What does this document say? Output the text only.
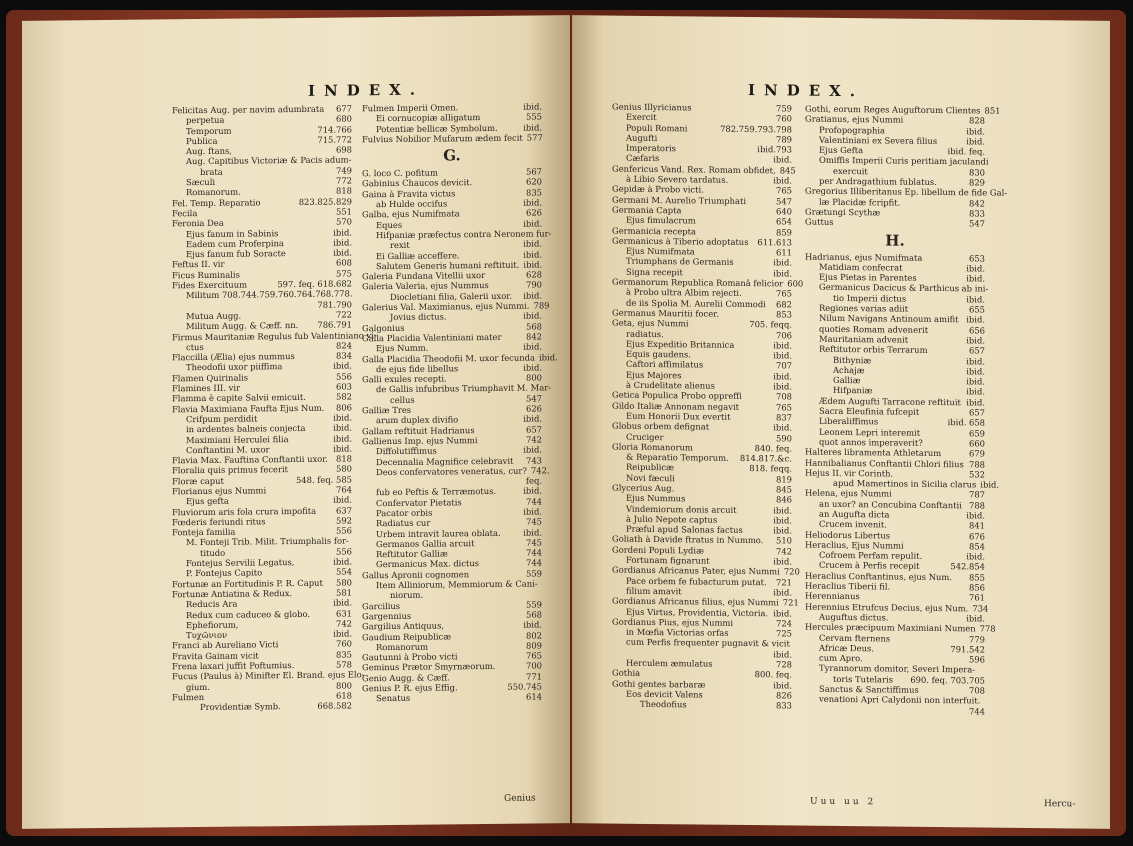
INDEX.
Felicitas Aug. per navim adumbrata	677
perpetua	680
Temporum	714.766
Publica	715.772
Aug. ftans,	698
Aug. Capitibus Victoriæ & Pacis adum-
brata	749
Sæculi	772
Romanorum.	818
Fel. Temp. Reparatio	823.825.829
Fecila	551
Feronia Dea	570
Ejus fanum in Sabinis	ibid.
Eadem cum Proferpina	ibid.
Ejus fanum fub Soracte	ibid.
Feftus II. vir	608
Ficus Ruminalis	575
Fides Exercituum	597. feq. 618.682
Militum 708.744.759.760.764.768.778.
781.790
Mutua Augg.	722
Militum Augg. & Cæff. nn.	786.791
Firmus Mauritaniæ Regulus fub Valentiniano vi-
ctus	824
Flaccilla (Ælia) ejus nummus	834
Theodofii uxor piiffima	ibid.
Flamen Quirinalis	556
Flamines III. vir	603
Flamma è capite Salvii emicuit.	582
Flavia Maximiana Faufta Ejus Num.	806
Crifpum perdidit	ibid.
in ardentes balneis conjecta	ibid.
Maximiani Herculei filia	ibid.
Conftantini M. uxor	ibid.
Flavia Max. Fauftina Conftantii uxor. 818
Floralia quis primus fecerit	580
Floræ caput	548. feq. 585
Florianus ejus Nummi	764
Ejus gefta	ibid.
Fluviorum aris fola crura impofita	637
Fœderis feriundi ritus	592
Fonteja familia	556
M. Fonteji Trib. Milit. Triumphalis for-
titudo	556
Fontejus Servilii Legatus,	ibid.
P. Fontejus Capito	554
Fortunæ an Fortitudinis P. R. Caput	580
Fortunæ Antiatina & Redux.	581
Reducis Ara	ibid.
Redux cum caduceo & globo.	631
Ephefiorum,	742
Τυχῶνιον	ibid.
Franci ab Aureliano Victi	760
Fravita Gainam vicit	835
Frena laxari juffit Poftumius.	578
Fucus (Paulus à) Minifter El. Brand. ejus Elo-
gium.	800
Fulmen	618
Providentiæ Symb.	668.582
Fulmen Imperii Omen.	ibid.
Ei cornucopiæ alligatum	555
Potentiæ bellicæ Symbolum.	ibid.
Fulvius Nobilior Mufarum ædem fecit 577
G.
G. loco C. pofitum	567
Gabinius Chaucos devicit.	620
Gaina à Fravita victus	835
ab Hulde occifus	ibid.
Galba, ejus Numifmata	626
Eques	ibid.
Hifpaniæ præfectus contra Neronem fur-
rexit	ibid.
Ei Galliæ acceffere.	ibid.
Salutem Generis humani reftituit. ibid.
Galeria Fundana Vitellii uxor	628
Galeria Valeria, ejus Nummus	790
Diocletiani filia, Galerii uxor.	ibid.
Galerius Val. Maximianus, ejus Nummi. 789
Jovius dictus.	ibid.
Galgonius	568
Galla Placidia Valentiniani mater	842
Ejus Numm.	ibid.
Galla Placidia Theodofii M. uxor fecunda ibid.
de ejus fide libellus	ibid.
Galli exules recepti.	800
de Gallis infubribus Triumphavit M. Mar-
cellus	547
Galliæ Tres	626
arum duplex divifio	ibid.
Gallam reftituit Hadrianus	657
Gallienus Imp. ejus Nummi	742
Diffolutiffimus	ibid.
Decennalia Magnifice celebravit	743
Deos confervatores veneratus, cur? 742.
feq.
fub eo Peftis & Terræmotus.	ibid.
Confervator Pietatis	744
Pacator orbis	ibid.
Radiatus cur	745
Urbem intravit laurea oblata.	ibid.
Germanos Gallia arcuit	745
Reftitutor Galliæ	744
Germanicus Max. dictus	744
Gallus Apronii cognomen	559
Item Alliniorum, Memmiorum & Cani-
niorum.
Garcilius	559
Gargennius	568
Gargilius Antiquus,	ibid.
Gaudium Reipublicæ	802
Romanorum	809
Gautunni à Probo victi	765
Geminus Prætor Smyrnæorum.	700
Genio Augg. & Cæff.	771
Genius P. R. ejus Effig.	550.745
Senatus	614
Genius
INDEX.
Genius Illyricianus	759
Exercit	760
Populi Romani	782.759.793.798
Augufti	789
Imperatoris	ibid.793
Cæfaris	ibid.
Genfericus Vand. Rex. Romam obfidet, 845
à Libio Severo tardatus.	ibid.
Gepidæ à Probo victi.	765
Germani M. Aurelio Triumphati	547
Germania Capta	640
Ejus fimulacrum	654
Germanicia recepta	859
Germanicus à Tiberio adoptatus	611.613
Ejus Numifmata	611
Triumphans de Germanis	ibid.
Signa recepit	ibid.
Germanorum Republica Romanâ felicior 600
à Probo ultra Albim rejecti.	765
de iis Spolia M. Aurelii Commodi	682
Germanus Mauritii focer.	853
Geta, ejus Nummi	705. feqq.
radiatus.	706
Ejus Expeditio Britannica	ibid.
Equis gaudens.	ibid.
Caftori affimilatus	707
Ejus Majores	ibid.
à Crudelitate alienus	ibid.
Getica Populica Probo oppreffi	708
Gildo Italiæ Annonam negavit	765
Eum Honorii Dux evertit	837
Globus orbem defignat	ibid.
Cruciger	590
Gloria Romanorum	840. feq.
& Reparatio Temporum.	814.817.&c.
Reipublicæ	818. feqq.
Novi fæculi	819
Glycerius Aug.	845
Ejus Nummus	846
Vindemiorum donis arcuit	ibid.
à Julio Nepote captus	ibid.
Præful apud Salonas factus	ibid.
Goliath à Davide ftratus in Nummo.	510
Gordeni Populi Lydiæ	742
Fortunam fignarunt	ibid.
Gordianus Africanus Pater, ejus Nummi 720
Pace orbem fe fubacturum putat.	721
filium amavit	ibid.
Gordianus Africanus filius, ejus Nummi 721
Ejus Virtus, Providentia, Victoria. ibid.
Gordianus Pius, ejus Nummi	724
in Mœfia Victorias orfas	725
cum Perfis frequenter pugnavit & vicit
ibid.
Herculem æmulatus	728
Gothia	800. feq.
Gothi gentes barbaræ	ibid.
Eos devicit Valens	826
Theodofius	833
Gothi, eorum Reges Auguftorum Clientes 851
Gratianus, ejus Nummi	828
Profopographia	ibid.
Valentiniani ex Severa filius	ibid.
Ejus Gefta	ibid. feq.
Omiffis Imperii Curis peritiam jaculandi
exercuit	830
per Andragathium fublatus.	829
Gregorius Illiberitanus Ep. libellum de fide Gal-
læ Placidæ fcripfit.	842
Grætungi Scythæ	833
Guttus	547
H.
Hadrianus, ejus Numifmata	653
Matidiam confecrat	ibid.
Ejus Pietas in Parentes	ibid.
Germanicus Dacicus & Parthicus ab ini-
tio Imperii dictus	ibid.
Regiones varias adiit	655
Nilum Navigans Antinoum amifit ibid.
quoties Romam advenerit	656
Mauritaniam advenit	ibid.
Reftitutor orbis Terrarum	657
Bithyniæ	ibid.
Achajæ	ibid.
Galliæ	ibid.
Hifpaniæ	ibid.
Ædem Augufti Tarracone reftituit ibid.
Sacra Eleufinia fufcepit	657
Liberaliffimus	ibid. 658
Leonem Lepri interemit	659
quot annos imperaverit?	660
Halteres libramenta Athletarum	679
Hannibalianus Conftantii Chlori filius 788
Hejus II. vir Corinth.	532
apud Mamertinos in Sicilia clarus ibid.
Helena, ejus Nummi	787
an uxor? an Concubina Conftantii 788
an Augufta dicta	ibid.
Crucem invenit.	841
Heliodorus Libertus	676
Heraclius, Ejus Nummi	854
Cofroem Perfam repulit.	ibid.
Crucem à Perfis recepit	542.854
Heraclius Conftantinus, ejus Num.	855
Heraclius Tiberii fil.	856
Herennianus	761
Herennius Etrufcus Decius, ejus Num. 734
Auguftus dictus.	ibid.
Hercules præcipuum Maximiani Numen 778
Cervam fternens	779
Africæ Deus.	791.542
cum Apro.	596
Tyrannorum domitor, Severi Impera-
toris Tutelaris	690. feq. 703.705
Sanctus & Sanctiffimus	708
venationi Apri Calydonii non interfuit.
744
Uuu uu 2	Hercu-
